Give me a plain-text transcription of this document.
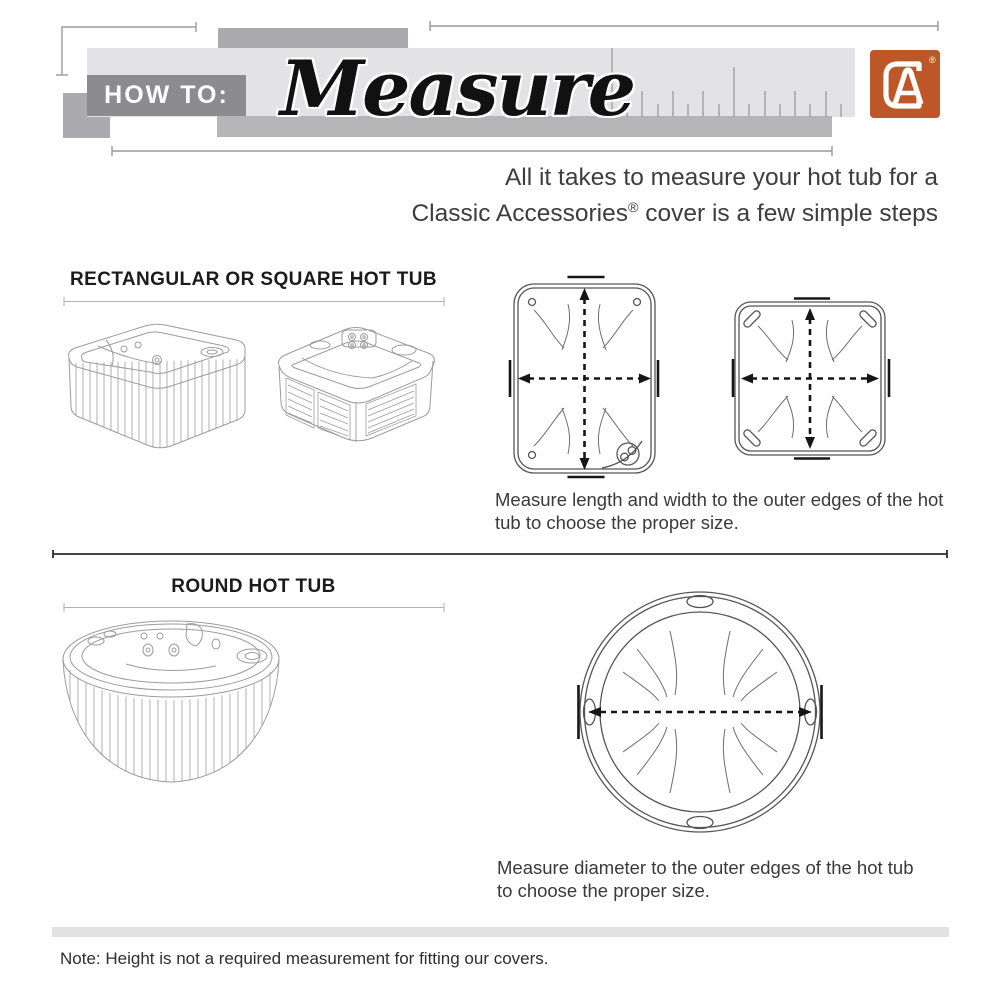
HOW TO: Measure	®
All it takes to measure your hot tub for a
Classic Accessories® cover is a few simple steps
RECTANGULAR OR SQUARE HOT TUB
Measure length and width to the outer edges of the hot
tub to choose the proper size.
ROUND HOT TUB
Measure diameter to the outer edges of the hot tub
to choose the proper size.
Note: Height is not a required measurement for fitting our covers.
